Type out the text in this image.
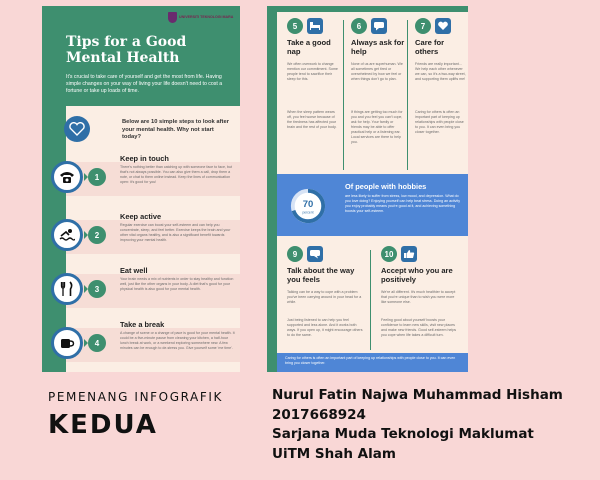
UNIVERSITI TEKNOLOGI MARA
Tips for a Good Mental Health
It's crucial to take care of yourself and get the most from life. Having simple changes on your way of living your life doesn't need to cost a fortune or take up loads of time.
Below are 10 simple steps to look after your mental health. Why not start today?
1
Keep in touch
There's nothing better than catching up with someone face to face, but that's not always possible. You can also give them a call, drop them a note, or chat to them online instead. Keep the lines of communication open: it's good for you!
2
Keep active
Regular exercise can boost your self-esteem and can help you concentrate, sleep, and feel better. Exercise keeps the brain and your other vital organs healthy, and is also a significant benefit towards improving your mental health.
3
Eat well
Your brain needs a mix of nutrients in order to stay healthy and function well, just like the other organs in your body. A diet that's good for your physical health is also good for your mental health.
4
Take a break
A change of scene or a change of pace is good for your mental health. It could be a five-minute pause from cleaning your kitchen, a half-hour lunch break at work, or a weekend exploring somewhere new. A few minutes can be enough to de-stress you. Give yourself some 'me time'.
5
Take a good nap
We often overwork to change mention our commitment. Some people tend to sacrifice their sleep for this.
When the sleep pattern wears off, you feel worse because of the tiredness has affected your brain and the rest of your body.
6
Always ask for help
None of us are superhuman. We all sometimes get tired or overwhelmed by how we feel or when things don't go to plan.
If things are getting too much for you and you feel you can't cope, ask for help. Your family or friends may be able to offer practical help or a listening ear. Local services are there to help you.
7
Care for others
Friends are really important... We help each other whenever we can, so it's a two-way street, and supporting them uplifts me!
Caring for others is often an important part of keeping up relationships with people close to you. It can even bring you closer together.
70
percent
Of people with hobbies
are less likely to suffer from stress, low mood, and depression. What do you love doing? Enjoying yourself can help beat stress. Doing an activity you enjoy probably means you're good at it, and achieving something boosts your self-esteem.
9
Talk about the way you feels
Talking can be a way to cope with a problem you've been carrying around in your head for a while.
Just being listened to can help you feel supported and less alone. And it works both ways. If you open up, it might encourage others to do the same.
10
Accept who you are positively
We're all different. It's much healthier to accept that you're unique than to wish you were more like someone else.
Feeling good about yourself boosts your confidence to learn new skills, visit new places and make new friends. Good self-esteem helps you cope when life takes a difficult turn.
Caring for others is often an important part of keeping up relationships with people close to you. It can even bring you closer together.
PEMENANG INFOGRAFIK
KEDUA
Nurul Fatin Najwa Muhammad Hisham
2017668924
Sarjana Muda Teknologi Maklumat
UiTM Shah Alam
